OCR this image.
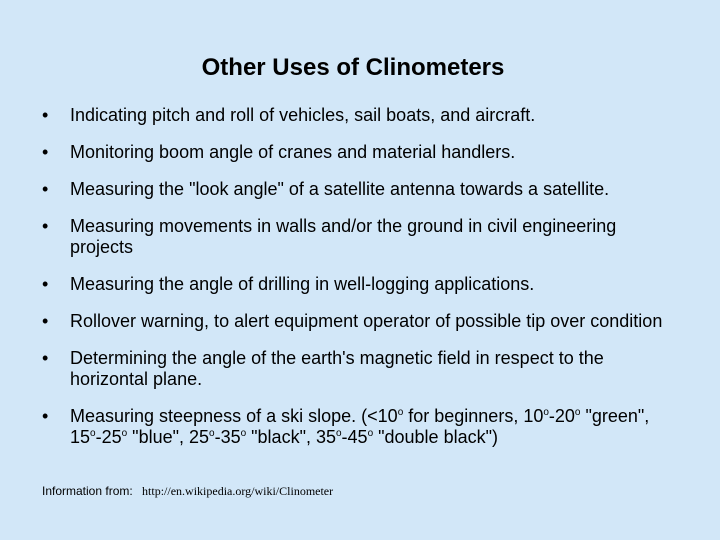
Other Uses of Clinometers
• Indicating pitch and roll of vehicles, sail boats, and aircraft.
• Monitoring boom angle of cranes and material handlers.
• Measuring the "look angle" of a satellite antenna towards a satellite.
• Measuring movements in walls and/or the ground in civil engineering projects
• Measuring the angle of drilling in well-logging applications.
• Rollover warning, to alert equipment operator of possible tip over condition
• Determining the angle of the earth's magnetic field in respect to the horizontal plane.
• Measuring steepness of a ski slope. ($<10^o$ for beginners, 10$^o$-20$^o$ "green", 15$^o$-25$^o$ "blue", 25$^o$-35$^o$ "black", 35$^o$-45$^o$ "double black")
Information from: http://en.wikipedia.org/wiki/Clinometer
